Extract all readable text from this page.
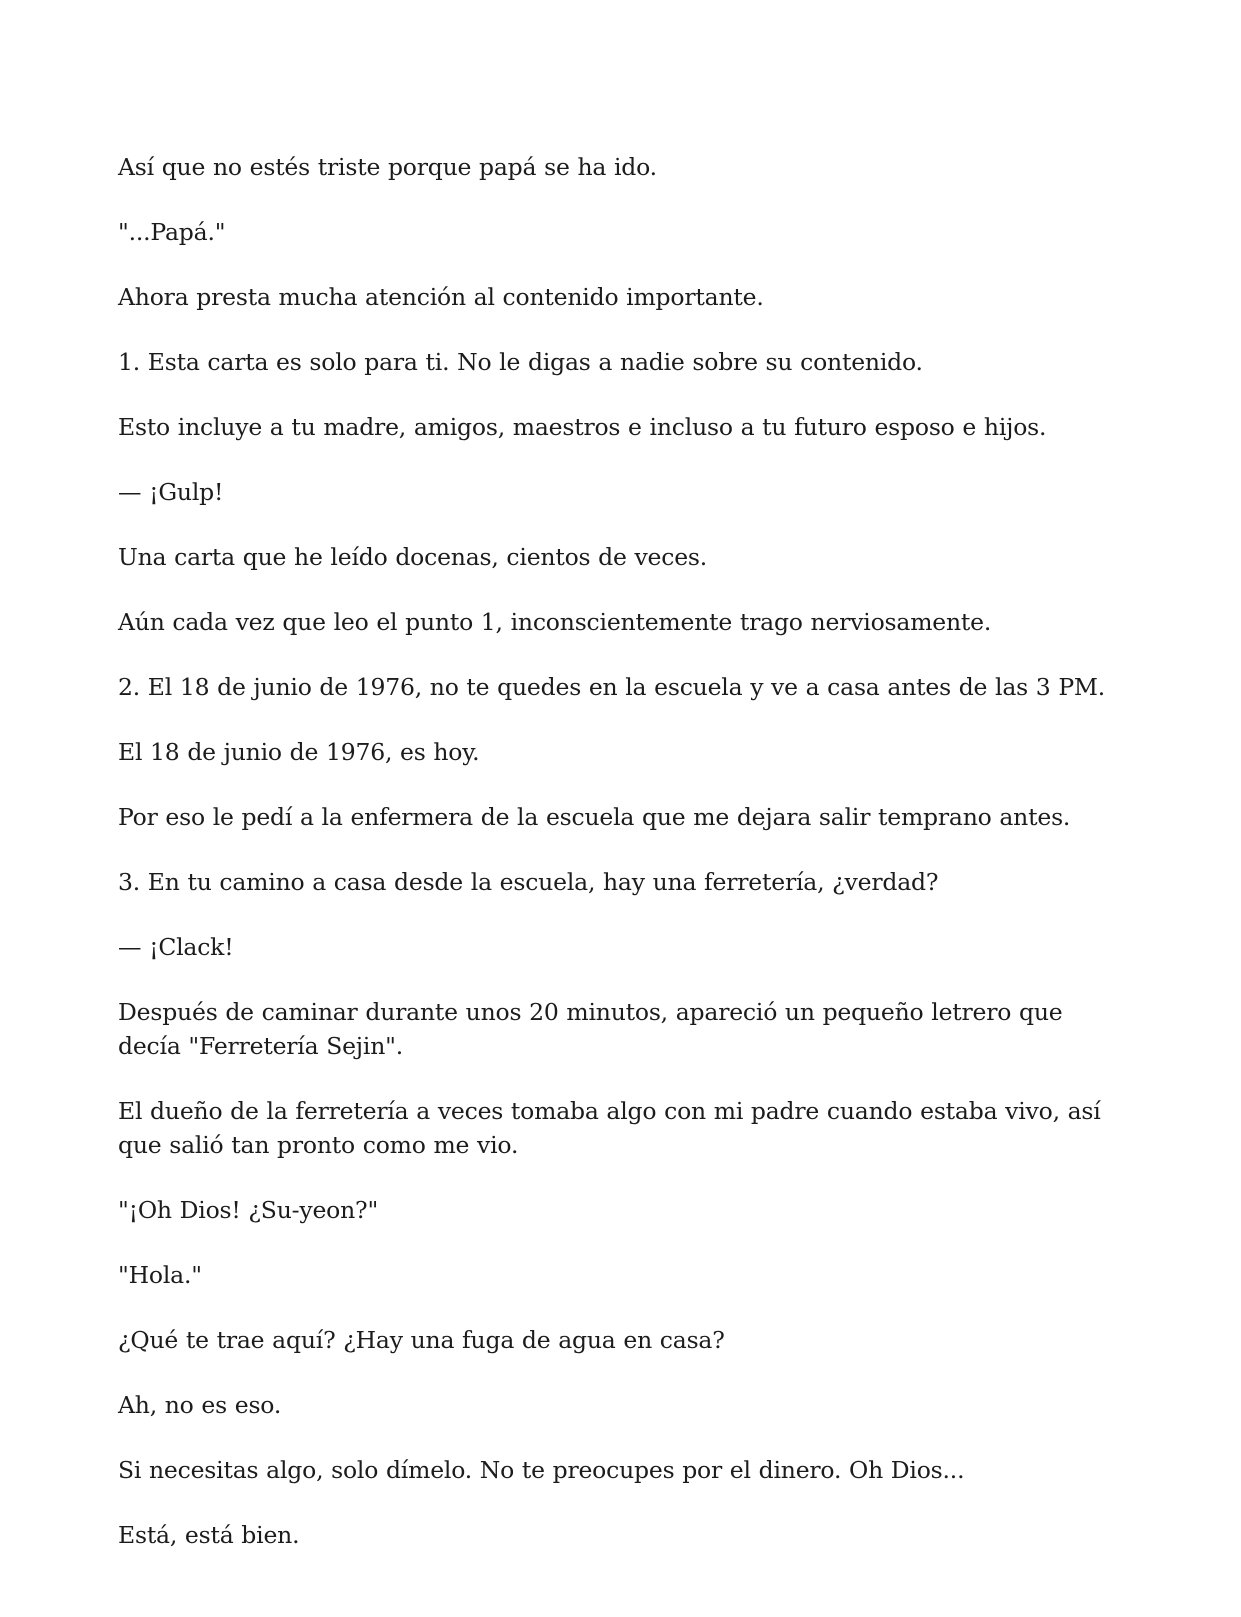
Así que no estés triste porque papá se ha ido.

"...Papá."

Ahora presta mucha atención al contenido importante.

1. Esta carta es solo para ti. No le digas a nadie sobre su contenido.

Esto incluye a tu madre, amigos, maestros e incluso a tu futuro esposo e hijos.

— ¡Gulp!

Una carta que he leído docenas, cientos de veces.

Aún cada vez que leo el punto 1, inconscientemente trago nerviosamente.

2. El 18 de junio de 1976, no te quedes en la escuela y ve a casa antes de las 3 PM.

El 18 de junio de 1976, es hoy.

Por eso le pedí a la enfermera de la escuela que me dejara salir temprano antes.

3. En tu camino a casa desde la escuela, hay una ferretería, ¿verdad?

— ¡Clack!

Después de caminar durante unos 20 minutos, apareció un pequeño letrero que decía "Ferretería Sejin".

El dueño de la ferretería a veces tomaba algo con mi padre cuando estaba vivo, así que salió tan pronto como me vio.

"¡Oh Dios! ¿Su-yeon?"

"Hola."

¿Qué te trae aquí? ¿Hay una fuga de agua en casa?

Ah, no es eso.

Si necesitas algo, solo dímelo. No te preocupes por el dinero. Oh Dios...

Está, está bien.
